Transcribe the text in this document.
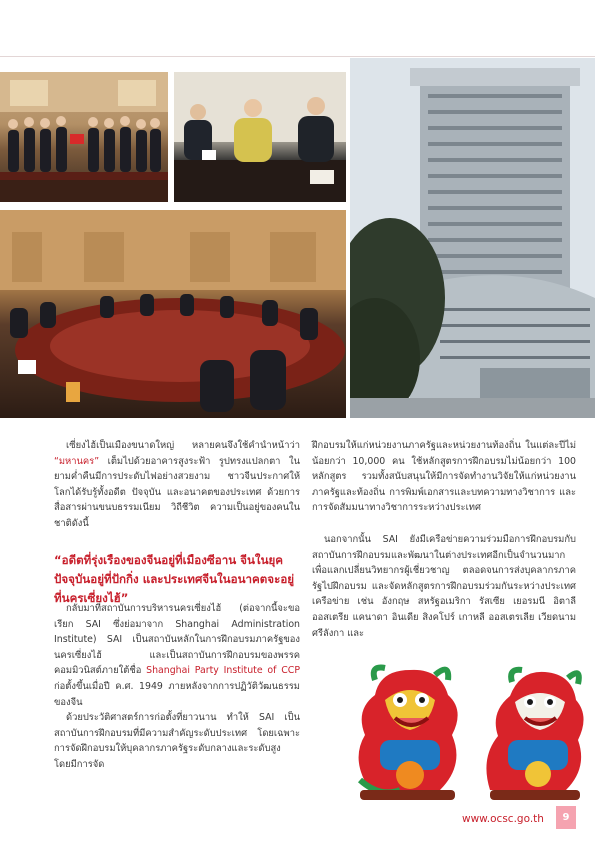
เซี่ยงไฮ้เป็นเมืองขนาดใหญ่ หลายคนจึงใช้คำนำหน้าว่า “มหานคร” เต็มไปด้วยอาคารสูงระฟ้า รูปทรงแปลกตา ในยามค่ำคืนมีการประดับไฟอย่างสวยงาม ชาวจีนประกาศให้โลกได้รับรู้ทั้งอดีต ปัจจุบัน และอนาคตของประเทศ ด้วยการสื่อสารผ่านขนบธรรมเนียม วิถีชีวิต ความเป็นอยู่ของคนในชาติดังนี้

“อดีตที่รุ่งเรืองของจีนอยู่ที่เมืองซีอาน จีนในยุคปัจจุบันอยู่ที่ปักกิ่ง และประเทศจีนในอนาคตจะอยู่ที่นครเซี่ยงไฮ้”

กลับมาที่สถาบันการบริหารนครเซี่ยงไฮ้ (ต่อจากนี้จะขอเรียก SAI ซึ่งย่อมาจาก Shanghai Administration Institute) SAI เป็นสถาบันหลักในการฝึกอบรมภาครัฐของนครเซี่ยงไฮ้ และเป็นสถาบันการฝึกอบรมของพรรคคอมมิวนิสต์ภายใต้ชื่อ Shanghai Party Institute of CCP ก่อตั้งขึ้นเมื่อปี ค.ศ. 1949 ภายหลังจากการปฏิวัติวัฒนธรรมของจีน

ด้วยประวัติศาสตร์การก่อตั้งที่ยาวนาน ทำให้ SAI เป็นสถาบันการฝึกอบรมที่มีความสำคัญระดับประเทศ โดยเฉพาะการจัดฝึกอบรมให้บุคลากรภาครัฐระดับกลางและระดับสูง โดยมีการจัด

ฝึกอบรมให้แก่หน่วยงานภาครัฐและหน่วยงานท้องถิ่น ในแต่ละปีไม่น้อยกว่า 10,000 คน ใช้หลักสูตรการฝึกอบรมไม่น้อยกว่า 100 หลักสูตร รวมทั้งสนับสนุนให้มีการจัดทำงานวิจัยให้แก่หน่วยงานภาครัฐและท้องถิ่น การพิมพ์เอกสารและบทความทางวิชาการ และการจัดสัมมนาทางวิชาการระหว่างประเทศ

นอกจากนั้น SAI ยังมีเครือข่ายความร่วมมือการฝึกอบรมกับสถาบันการฝึกอบรมและพัฒนาในต่างประเทศอีกเป็นจำนวนมาก เพื่อแลกเปลี่ยนวิทยากรผู้เชี่ยวชาญ ตลอดจนการส่งบุคลากรภาครัฐไปฝึกอบรม และจัดหลักสูตรการฝึกอบรมร่วมกันระหว่างประเทศเครือข่าย เช่น อังกฤษ สหรัฐอเมริกา รัสเซีย เยอรมนี อิตาลี ออสเตรีย แคนาดา อินเดีย สิงคโปร์ เกาหลี ออสเตรเลีย เวียดนาม ศรีลังกา และ

www.ocsc.go.th	9
